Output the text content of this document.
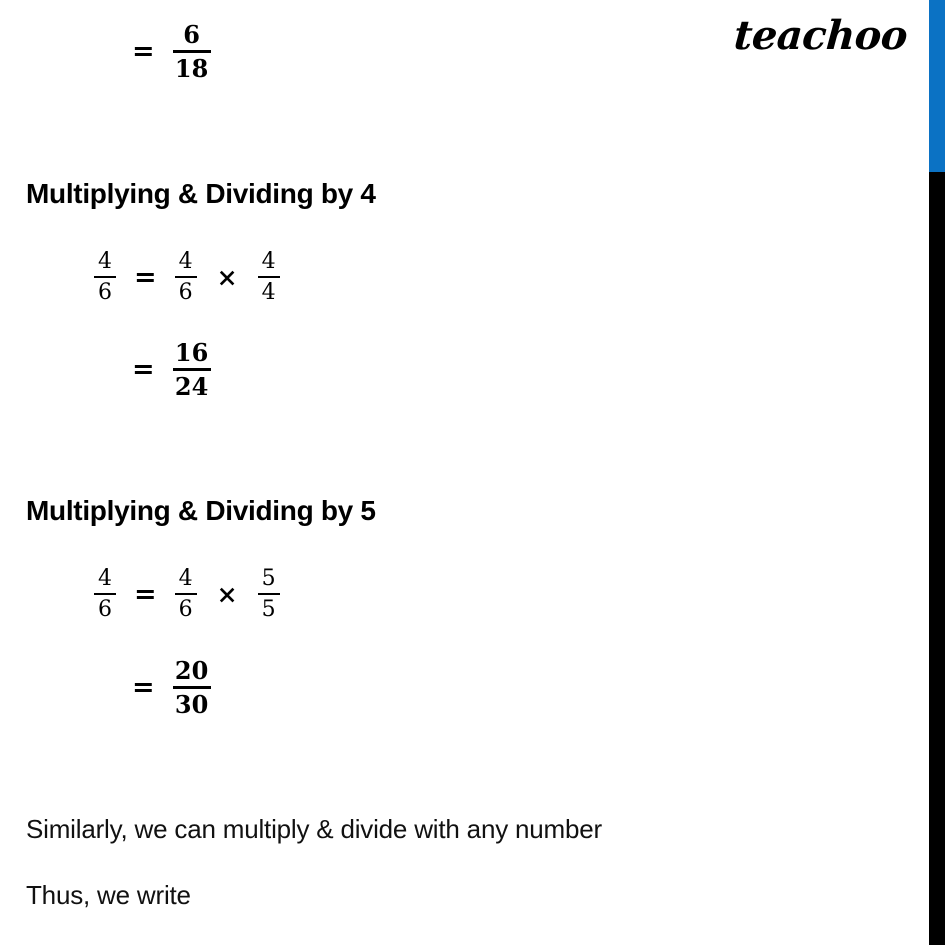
teachoo
= $\frac{6}{18}$
Multiplying & Dividing by 4
$\frac{4}{6} = \frac{4}{6} \times \frac{4}{4}$
= $\frac{16}{24}$
Multiplying & Dividing by 5
$\frac{4}{6} = \frac{4}{6} \times \frac{5}{5}$
= $\frac{20}{30}$
Similarly, we can multiply & divide with any number
Thus, we write
